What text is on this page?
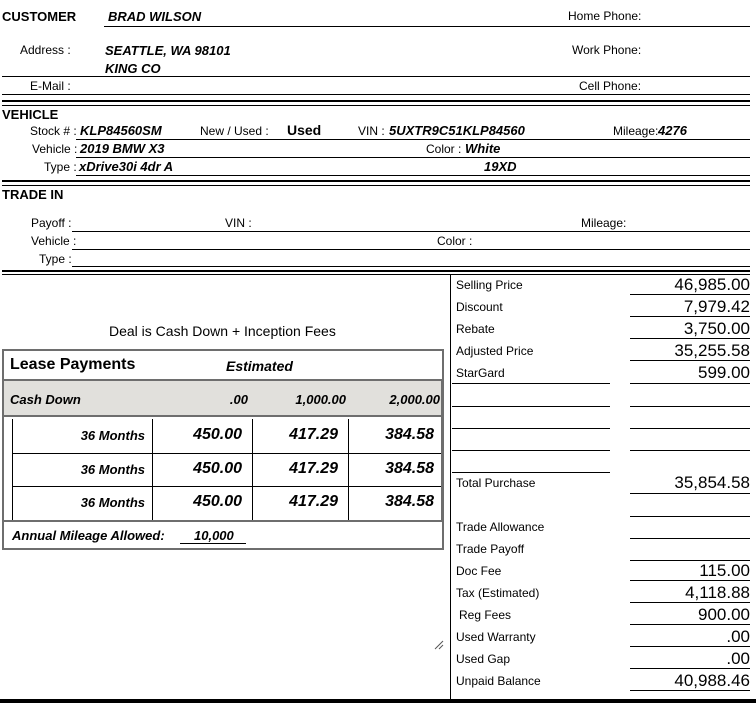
CUSTOMER BRAD WILSON	Home Phone:
Address :	SEATTLE, WA 98101
KING CO
Work Phone:
E-Mail :	Cell Phone:
VEHICLE
Stock # : KLP84560SM	New / Used : Used	VIN : 5UXTR9C51KLP84560	Mileage: 4276
Vehicle : 2019 BMW X3	Color : White
Type : xDrive30i 4dr A	19XD
TRADE IN
Payoff :	VIN :	Mileage:
Vehicle :	Color :
Type :
Deal is Cash Down + Inception Fees
Lease Payments	Estimated
Cash Down	.00	1,000.00	2,000.00
36 Months	450.00	417.29	384.58
36 Months	450.00	417.29	384.58
36 Months	450.00	417.29	384.58
Annual Mileage Allowed: 10,000
Selling Price	46,985.00
Discount	7,979.42
Rebate	3,750.00
Adjusted Price	35,255.58
StarGard	599.00
Total Purchase	35,854.58
Trade Allowance
Trade Payoff
Doc Fee	115.00
Tax (Estimated)	4,118.88
Reg Fees	900.00
Used Warranty	.00
Used Gap	.00
Unpaid Balance	40,988.46
